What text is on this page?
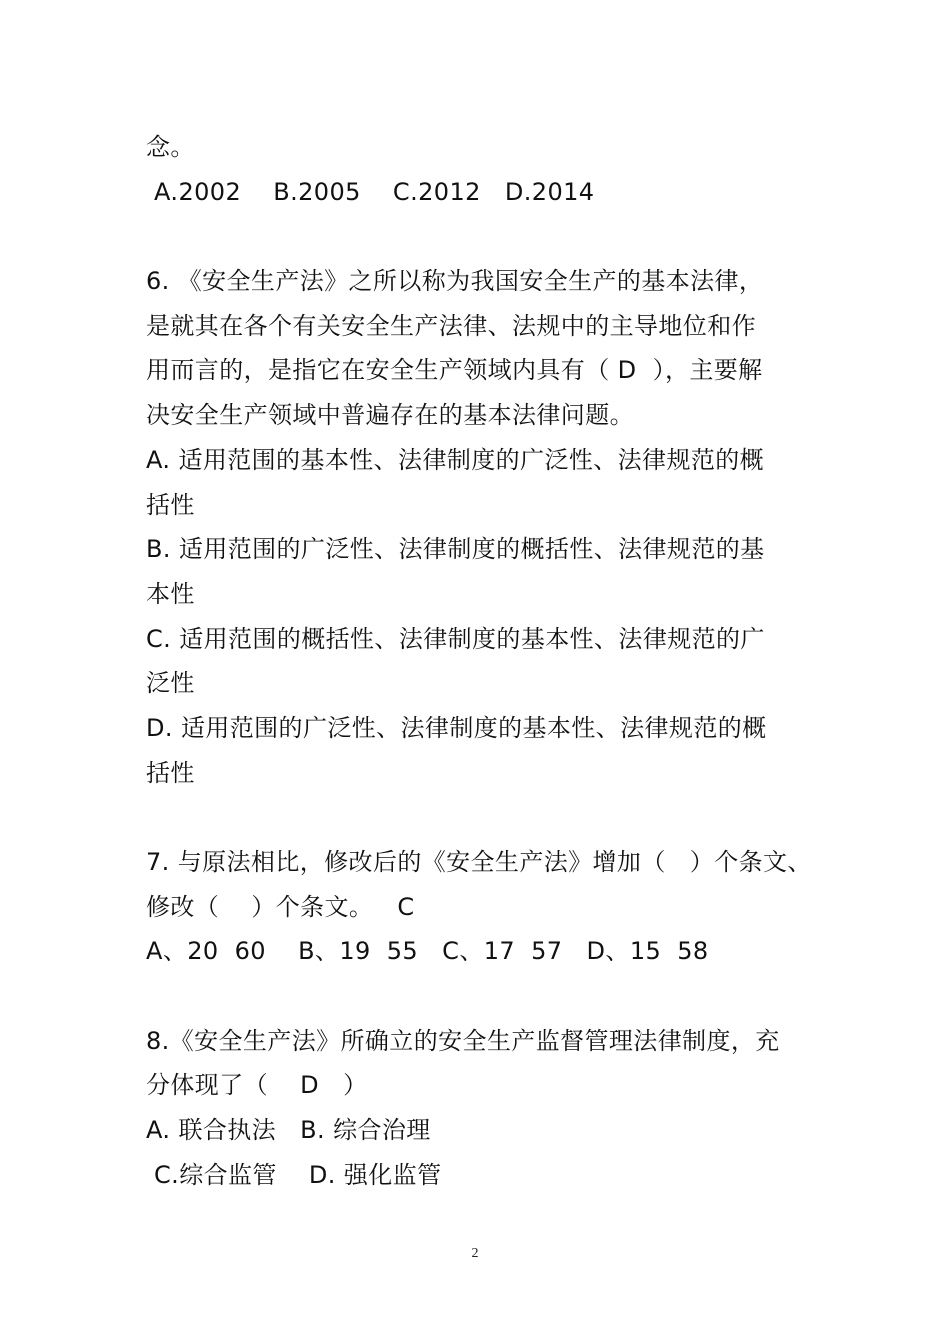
念。
A.2002    B.2005    C.2012   D.2014
6. 《安全生产法》之所以称为我国安全生产的基本法律，
是就其在各个有关安全生产法律、法规中的主导地位和作
用而言的，是指它在安全生产领域内具有（ D  ），主要解
决安全生产领域中普遍存在的基本法律问题。
A. 适用范围的基本性、法律制度的广泛性、法律规范的概
括性
B. 适用范围的广泛性、法律制度的概括性、法律规范的基
本性
C. 适用范围的概括性、法律制度的基本性、法律规范的广
泛性
D. 适用范围的广泛性、法律制度的基本性、法律规范的概
括性
7. 与原法相比，修改后的《安全生产法》增加（   ）个条文、
修改（    ）个条文。   C
A、20  60    B、19  55   C、17  57   D、15  58
8.《安全生产法》所确立的安全生产监督管理法律制度，充
分体现了（    D   ）
A. 联合执法   B. 综合治理
C.综合监管    D. 强化监管
2
